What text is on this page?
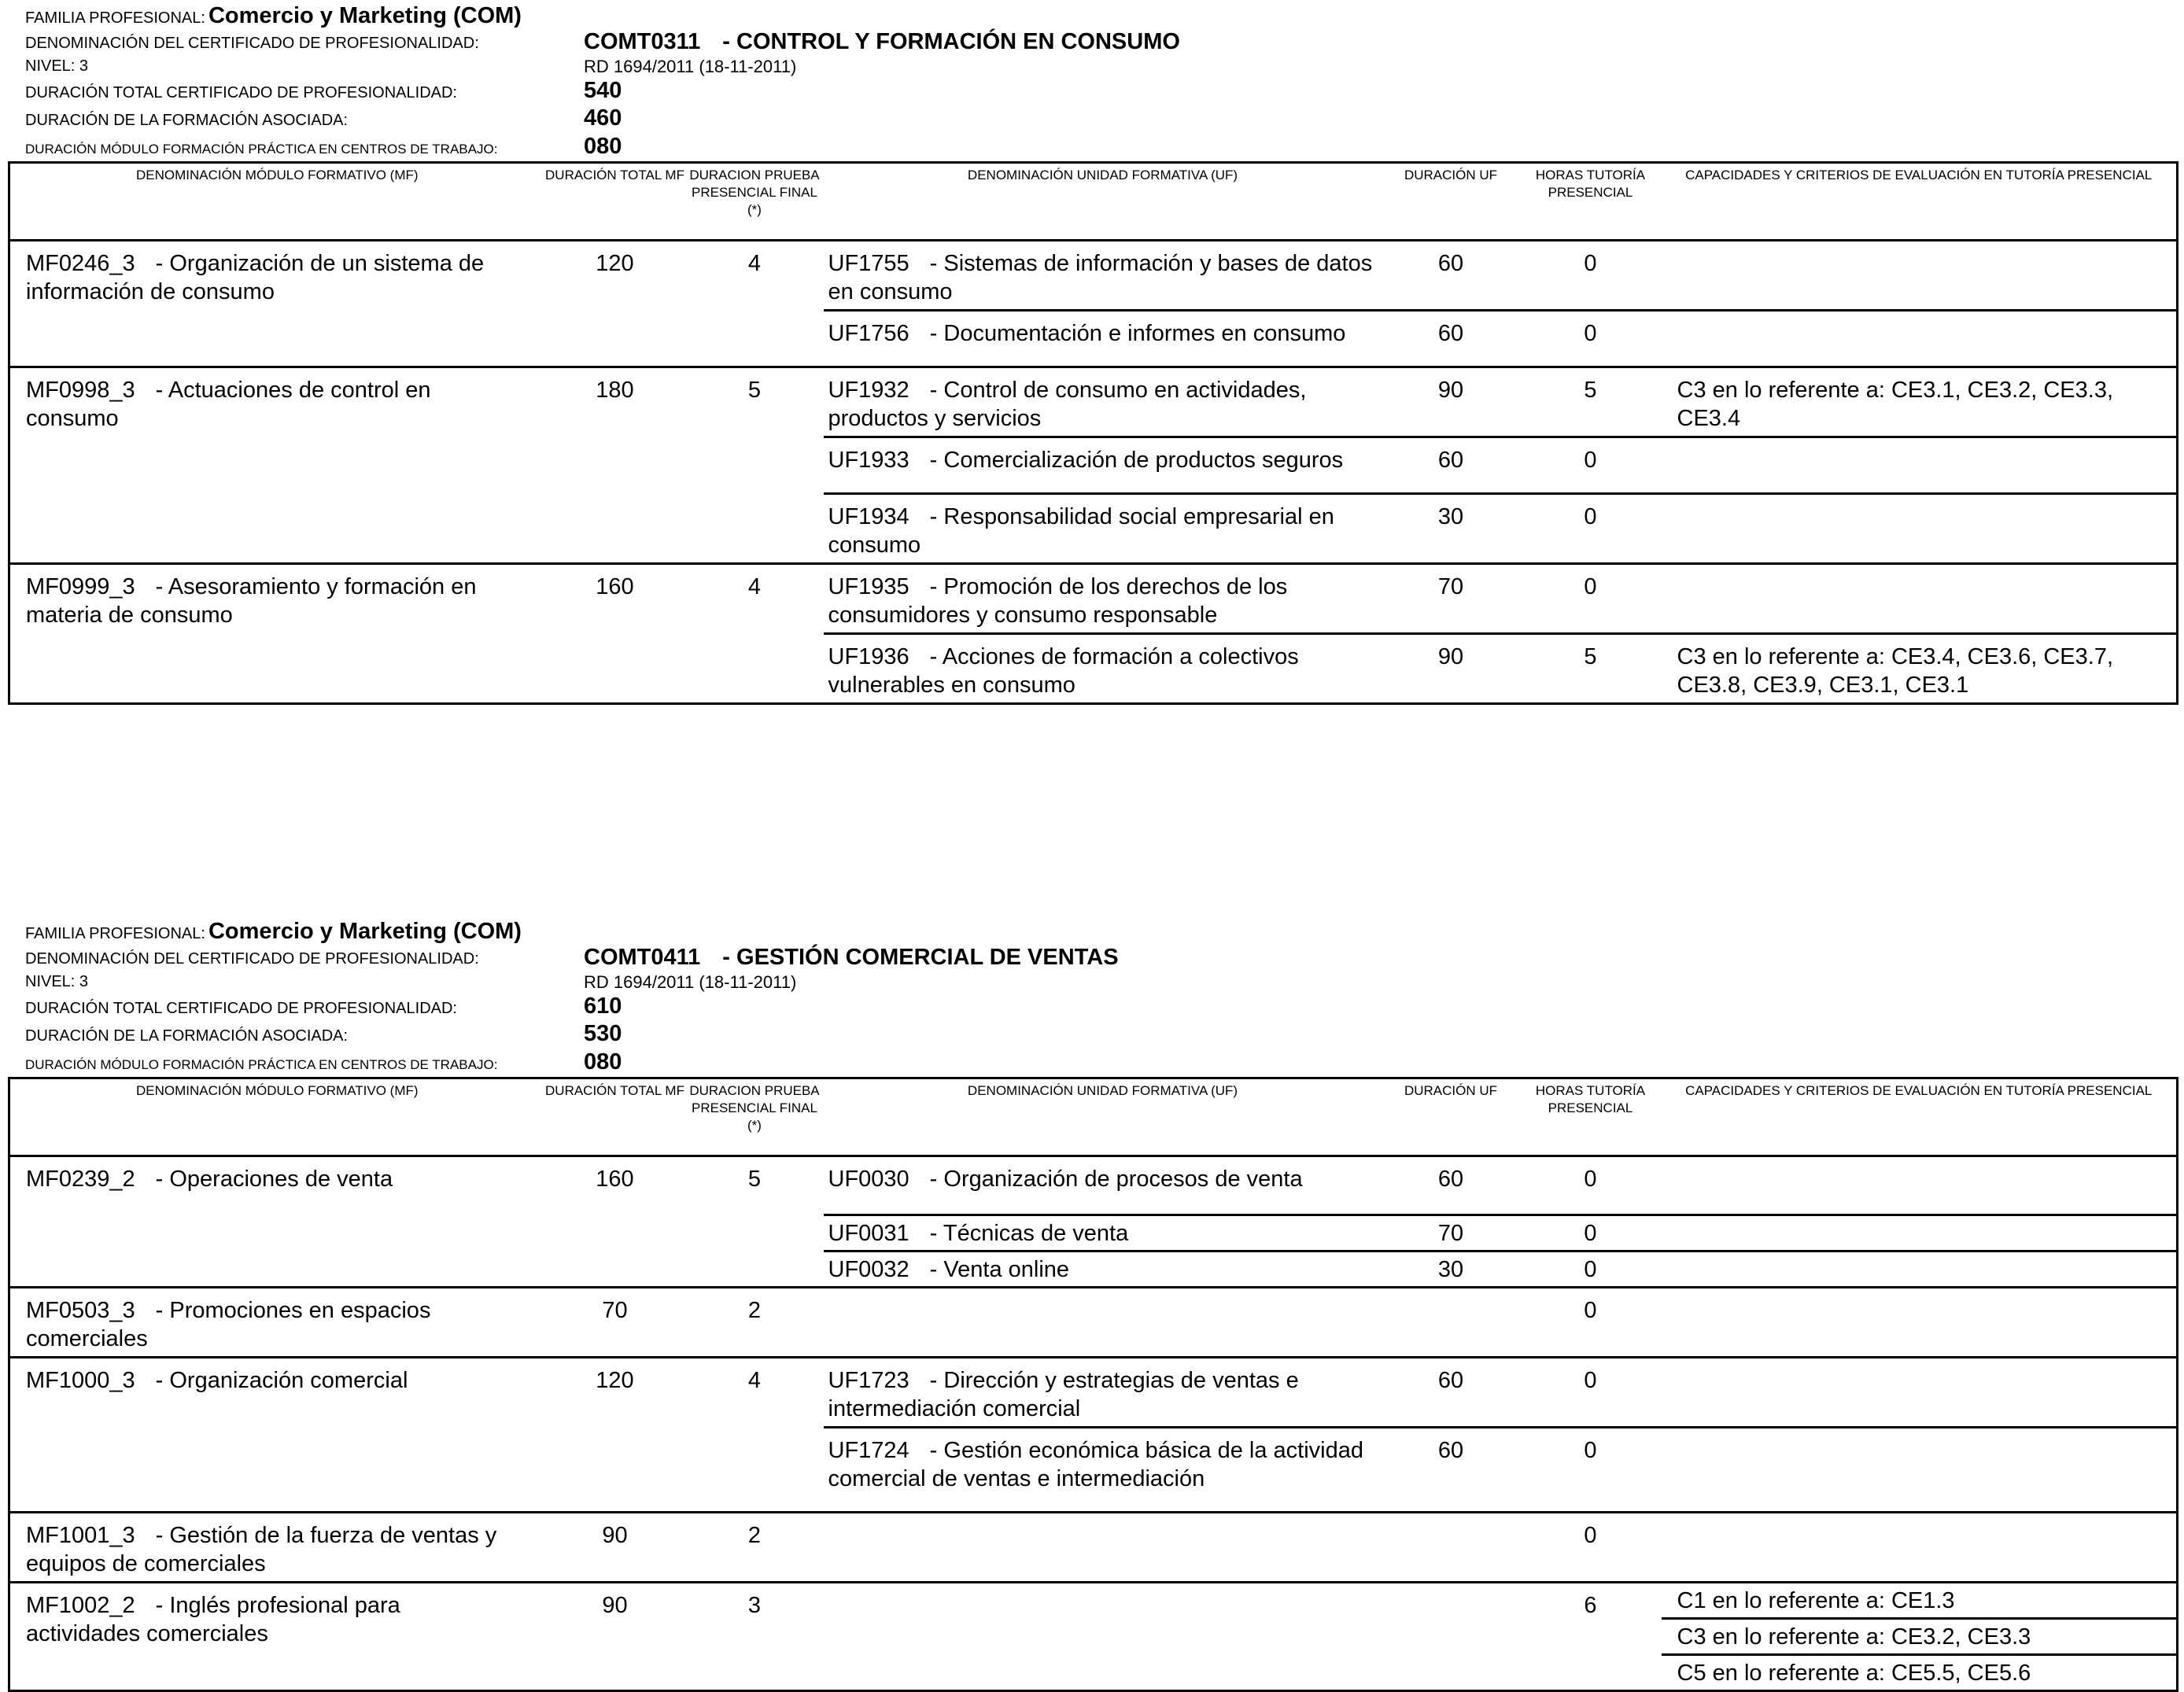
FAMILIA PROFESIONAL: Comercio y Marketing (COM)
DENOMINACIÓN DEL CERTIFICADO DE PROFESIONALIDAD:	COMT0311 - CONTROL Y FORMACIÓN EN CONSUMO
NIVEL: 3	RD 1694/2011 (18-11-2011)
DURACIÓN TOTAL CERTIFICADO DE PROFESIONALIDAD:	540
DURACIÓN DE LA FORMACIÓN ASOCIADA:	460
DURACIÓN MÓDULO FORMACIÓN PRÁCTICA EN CENTROS DE TRABAJO:	080
DENOMINACIÓN MÓDULO FORMATIVO (MF)	DURACIÓN TOTAL MF	DURACION PRUEBA PRESENCIAL FINAL (*)	DENOMINACIÓN UNIDAD FORMATIVA (UF)	DURACIÓN UF	HORAS TUTORÍA PRESENCIAL	CAPACIDADES Y CRITERIOS DE EVALUACIÓN EN TUTORÍA PRESENCIAL
MF0246_3 - Organización de un sistema de información de consumo	120	4	UF1755 - Sistemas de información y bases de datos en consumo	60	0	
			UF1756 - Documentación e informes en consumo	60	0	
MF0998_3 - Actuaciones de control en consumo	180	5	UF1932 - Control de consumo en actividades, productos y servicios	90	5	C3 en lo referente a: CE3.1, CE3.2, CE3.3, CE3.4
			UF1933 - Comercialización de productos seguros	60	0	
			UF1934 - Responsabilidad social empresarial en consumo	30	0	
MF0999_3 - Asesoramiento y formación en materia de consumo	160	4	UF1935 - Promoción de los derechos de los consumidores y consumo responsable	70	0	
			UF1936 - Acciones de formación a colectivos vulnerables en consumo	90	5	C3 en lo referente a: CE3.4, CE3.6, CE3.7, CE3.8, CE3.9, CE3.1, CE3.1
FAMILIA PROFESIONAL: Comercio y Marketing (COM)
DENOMINACIÓN DEL CERTIFICADO DE PROFESIONALIDAD:	COMT0411 - GESTIÓN COMERCIAL DE VENTAS
NIVEL: 3	RD 1694/2011 (18-11-2011)
DURACIÓN TOTAL CERTIFICADO DE PROFESIONALIDAD:	610
DURACIÓN DE LA FORMACIÓN ASOCIADA:	530
DURACIÓN MÓDULO FORMACIÓN PRÁCTICA EN CENTROS DE TRABAJO:	080
DENOMINACIÓN MÓDULO FORMATIVO (MF)	DURACIÓN TOTAL MF	DURACION PRUEBA PRESENCIAL FINAL (*)	DENOMINACIÓN UNIDAD FORMATIVA (UF)	DURACIÓN UF	HORAS TUTORÍA PRESENCIAL	CAPACIDADES Y CRITERIOS DE EVALUACIÓN EN TUTORÍA PRESENCIAL
MF0239_2 - Operaciones de venta	160	5	UF0030 - Organización de procesos de venta	60	0	
			UF0031 - Técnicas de venta	70	0	
			UF0032 - Venta online	30	0	
MF0503_3 - Promociones en espacios comerciales	70	2			0	
MF1000_3 - Organización comercial	120	4	UF1723 - Dirección y estrategias de ventas e intermediación comercial	60	0	
			UF1724 - Gestión económica básica de la actividad comercial de ventas e intermediación	60	0	
MF1001_3 - Gestión de la fuerza de ventas y equipos de comerciales	90	2			0	
MF1002_2 - Inglés profesional para actividades comerciales	90	3			6	C1 en lo referente a: CE1.3
						C3 en lo referente a: CE3.2, CE3.3
						C5 en lo referente a: CE5.5, CE5.6
